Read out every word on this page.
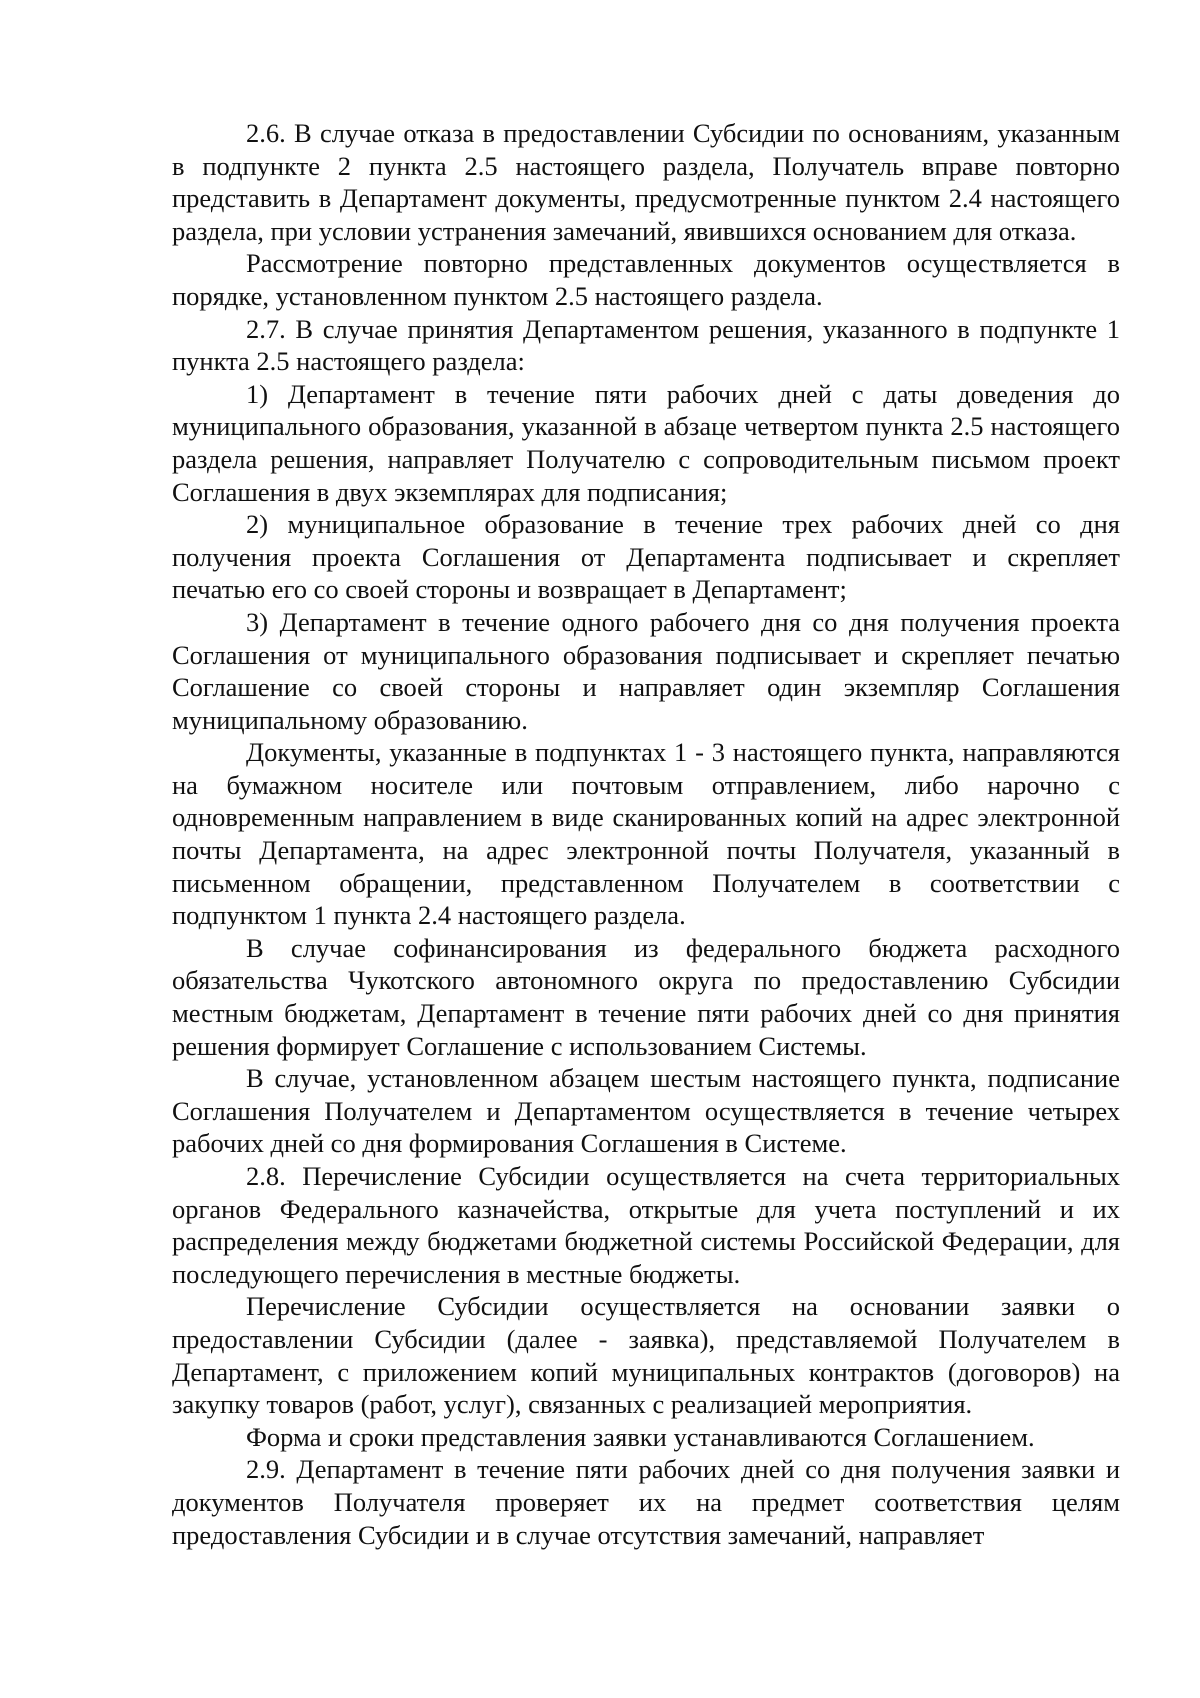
2.6. В случае отказа в предоставлении Субсидии по основаниям, указанным в подпункте 2 пункта 2.5 настоящего раздела, Получатель вправе повторно представить в Департамент документы, предусмотренные пунктом 2.4 настоящего раздела, при условии устранения замечаний, явившихся основанием для отказа.

Рассмотрение повторно представленных документов осуществляется в порядке, установленном пунктом 2.5 настоящего раздела.

2.7. В случае принятия Департаментом решения, указанного в подпункте 1 пункта 2.5 настоящего раздела:

1) Департамент в течение пяти рабочих дней с даты доведения до муниципального образования, указанной в абзаце четвертом пункта 2.5 настоящего раздела решения, направляет Получателю с сопроводительным письмом проект Соглашения в двух экземплярах для подписания;

2) муниципальное образование в течение трех рабочих дней со дня получения проекта Соглашения от Департамента подписывает и скрепляет печатью его со своей стороны и возвращает в Департамент;

3) Департамент в течение одного рабочего дня со дня получения проекта Соглашения от муниципального образования подписывает и скрепляет печатью Соглашение со своей стороны и направляет один экземпляр Соглашения муниципальному образованию.

Документы, указанные в подпунктах 1 - 3 настоящего пункта, направляются на бумажном носителе или почтовым отправлением, либо нарочно с одновременным направлением в виде сканированных копий на адрес электронной почты Департамента, на адрес электронной почты Получателя, указанный в письменном обращении, представленном Получателем в соответствии с подпунктом 1 пункта 2.4 настоящего раздела.

В случае софинансирования из федерального бюджета расходного обязательства Чукотского автономного округа по предоставлению Субсидии местным бюджетам, Департамент в течение пяти рабочих дней со дня принятия решения формирует Соглашение с использованием Системы.

В случае, установленном абзацем шестым настоящего пункта, подписание Соглашения Получателем и Департаментом осуществляется в течение четырех рабочих дней со дня формирования Соглашения в Системе.

2.8. Перечисление Субсидии осуществляется на счета территориальных органов Федерального казначейства, открытые для учета поступлений и их распределения между бюджетами бюджетной системы Российской Федерации, для последующего перечисления в местные бюджеты.

Перечисление Субсидии осуществляется на основании заявки о предоставлении Субсидии (далее - заявка), представляемой Получателем в Департамент, с приложением копий муниципальных контрактов (договоров) на закупку товаров (работ, услуг), связанных с реализацией мероприятия.

Форма и сроки представления заявки устанавливаются Соглашением.

2.9. Департамент в течение пяти рабочих дней со дня получения заявки и документов Получателя проверяет их на предмет соответствия целям предоставления Субсидии и в случае отсутствия замечаний, направляет
